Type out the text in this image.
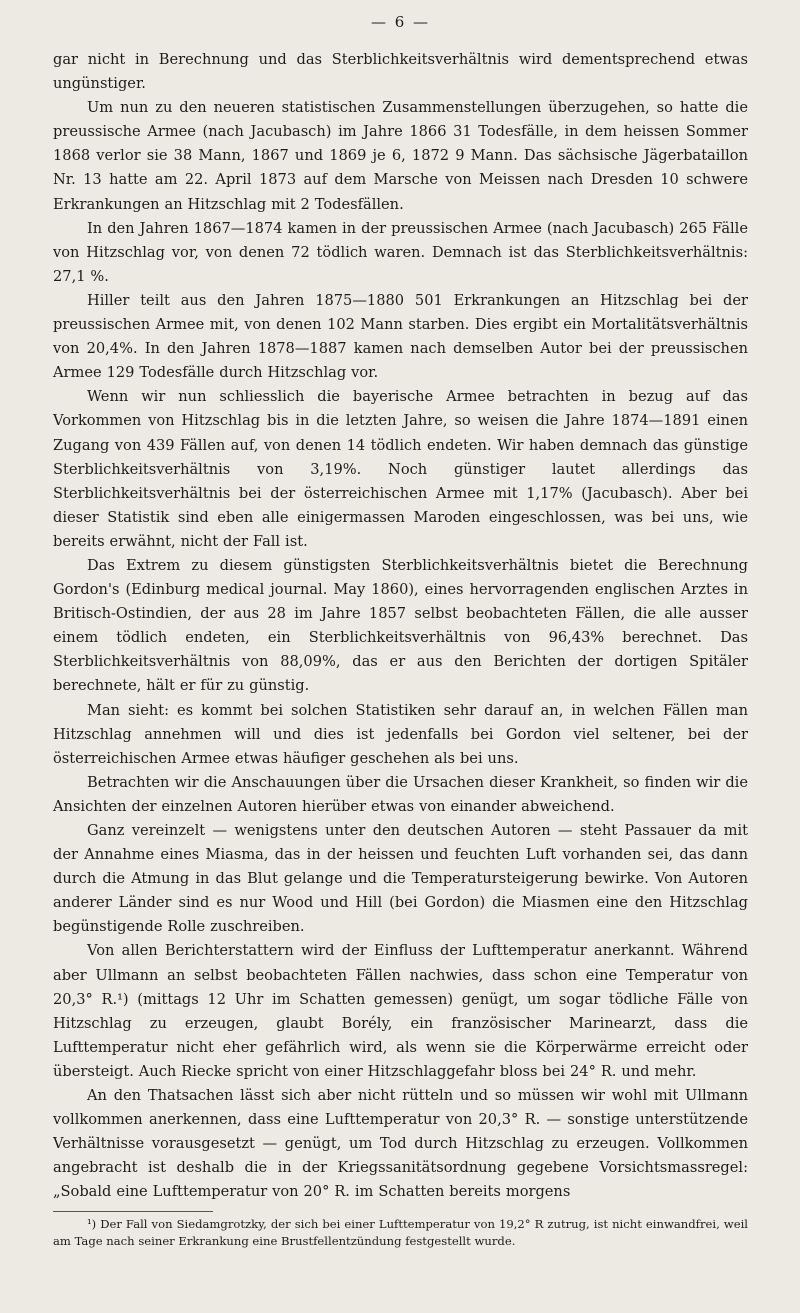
— 6 —

gar nicht in Berechnung und das Sterblichkeitsverhältnis wird dementsprechend etwas ungünstiger.

Um nun zu den neueren statistischen Zusammenstellungen überzugehen, so hatte die preussische Armee (nach Jacubasch) im Jahre 1866 31 Todesfälle, in dem heissen Sommer 1868 verlor sie 38 Mann, 1867 und 1869 je 6, 1872 9 Mann. Das sächsische Jägerbataillon Nr. 13 hatte am 22. April 1873 auf dem Marsche von Meissen nach Dresden 10 schwere Erkrankungen an Hitzschlag mit 2 Todesfällen.

In den Jahren 1867—1874 kamen in der preussischen Armee (nach Jacubasch) 265 Fälle von Hitzschlag vor, von denen 72 tödlich waren. Demnach ist das Sterblichkeitsverhältnis: 27,1 %.

Hiller teilt aus den Jahren 1875—1880 501 Erkrankungen an Hitzschlag bei der preussischen Armee mit, von denen 102 Mann starben. Dies ergibt ein Mortalitätsverhältnis von 20,4%. In den Jahren 1878—1887 kamen nach demselben Autor bei der preussischen Armee 129 Todesfälle durch Hitzschlag vor.

Wenn wir nun schliesslich die bayerische Armee betrachten in bezug auf das Vorkommen von Hitzschlag bis in die letzten Jahre, so weisen die Jahre 1874—1891 einen Zugang von 439 Fällen auf, von denen 14 tödlich endeten. Wir haben demnach das günstige Sterblichkeitsverhältnis von 3,19%. Noch günstiger lautet allerdings das Sterblichkeitsverhältnis bei der österreichischen Armee mit 1,17% (Jacubasch). Aber bei dieser Statistik sind eben alle einigermassen Maroden eingeschlossen, was bei uns, wie bereits erwähnt, nicht der Fall ist.

Das Extrem zu diesem günstigsten Sterblichkeitsverhältnis bietet die Berechnung Gordon's (Edinburg medical journal. May 1860), eines hervorragenden englischen Arztes in Britisch-Ostindien, der aus 28 im Jahre 1857 selbst beobachteten Fällen, die alle ausser einem tödlich endeten, ein Sterblichkeitsverhältnis von 96,43% berechnet. Das Sterblichkeitsverhältnis von 88,09%, das er aus den Berichten der dortigen Spitäler berechnete, hält er für zu günstig.

Man sieht: es kommt bei solchen Statistiken sehr darauf an, in welchen Fällen man Hitzschlag annehmen will und dies ist jedenfalls bei Gordon viel seltener, bei der österreichischen Armee etwas häufiger geschehen als bei uns.

Betrachten wir die Anschauungen über die Ursachen dieser Krankheit, so finden wir die Ansichten der einzelnen Autoren hierüber etwas von einander abweichend.

Ganz vereinzelt — wenigstens unter den deutschen Autoren — steht Passauer da mit der Annahme eines Miasma, das in der heissen und feuchten Luft vorhanden sei, das dann durch die Atmung in das Blut gelange und die Temperatursteigerung bewirke. Von Autoren anderer Länder sind es nur Wood und Hill (bei Gordon) die Miasmen eine den Hitzschlag begünstigende Rolle zuschreiben.

Von allen Berichterstattern wird der Einfluss der Lufttemperatur anerkannt. Während aber Ullmann an selbst beobachteten Fällen nachwies, dass schon eine Temperatur von 20,3° R.¹) (mittags 12 Uhr im Schatten gemessen) genügt, um sogar tödliche Fälle von Hitzschlag zu erzeugen, glaubt Borély, ein französischer Marinearzt, dass die Lufttemperatur nicht eher gefährlich wird, als wenn sie die Körperwärme erreicht oder übersteigt. Auch Riecke spricht von einer Hitzschlaggefahr bloss bei 24° R. und mehr.

An den Thatsachen lässt sich aber nicht rütteln und so müssen wir wohl mit Ullmann vollkommen anerkennen, dass eine Lufttemperatur von 20,3° R. — sonstige unterstützende Verhältnisse vorausgesetzt — genügt, um Tod durch Hitzschlag zu erzeugen. Vollkommen angebracht ist deshalb die in der Kriegssanitätsordnung gegebene Vorsichtsmassregel: „Sobald eine Lufttemperatur von 20° R. im Schatten bereits morgens

¹) Der Fall von Siedamgrotzky, der sich bei einer Lufttemperatur von 19,2° R zutrug, ist nicht einwandfrei, weil am Tage nach seiner Erkrankung eine Brustfellentzündung festgestellt wurde.
